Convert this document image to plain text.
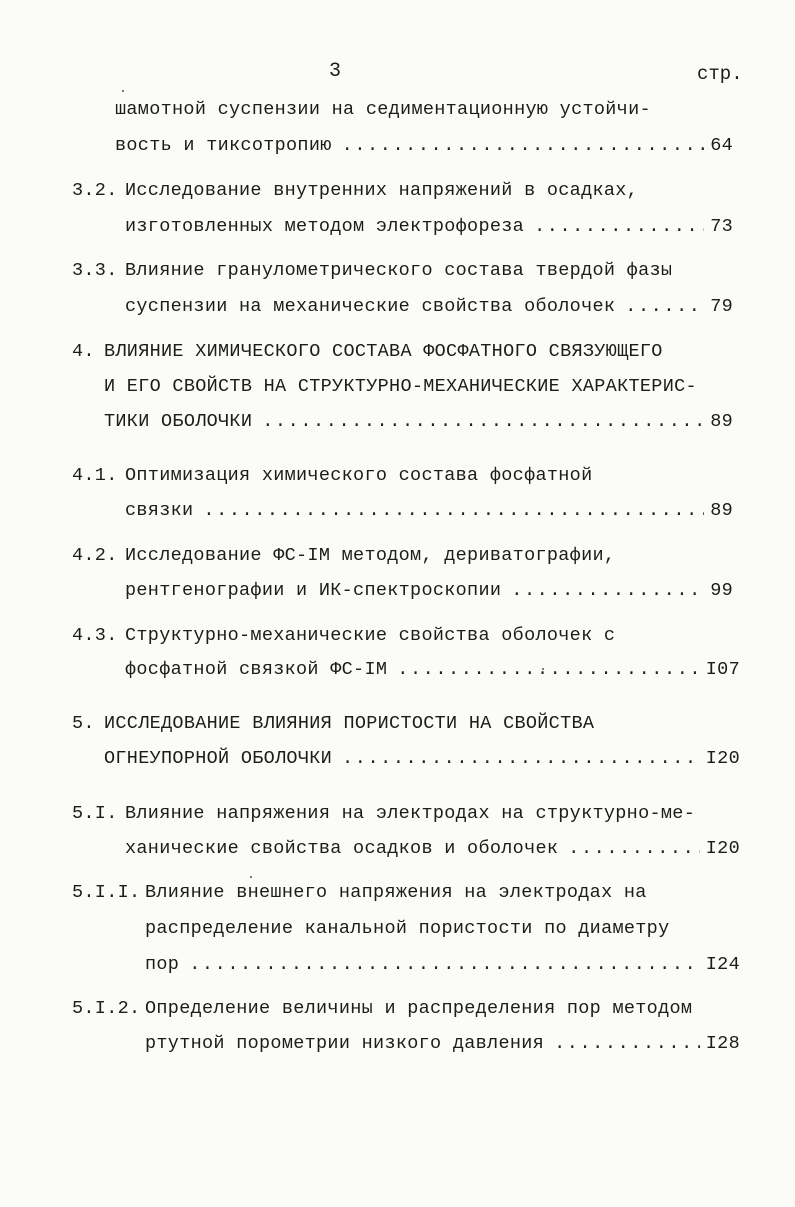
3	стр.
шамотной суспензии на седиментационную устойчи-
вость и тиксотропию .....	64
3.2. Исследование внутренних напряжений в осадках,
изготовленных методом электрофореза .....	73
3.3. Влияние гранулометрического состава твердой фазы
суспензии на механические свойства оболочек .....	79
4. ВЛИЯНИЕ ХИМИЧЕСКОГО СОСТАВА ФОСФАТНОГО СВЯЗУЮЩЕГО
И ЕГО СВОЙСТВ НА СТРУКТУРНО-МЕХАНИЧЕСКИЕ ХАРАКТЕРИС-
ТИКИ ОБОЛОЧКИ .....	89
4.1. Оптимизация химического состава фосфатной
связки .....	89
4.2. Исследование ФС-IМ методом, дериватографии,
рентгенографии и ИК-спектроскопии .....	99
4.3. Структурно-механические свойства оболочек с
фосфатной связкой ФС-IМ .....	I07
5. ИССЛЕДОВАНИЕ ВЛИЯНИЯ ПОРИСТОСТИ НА СВОЙСТВА
ОГНЕУПОРНОЙ ОБОЛОЧКИ .....	I20
5.I. Влияние напряжения на электродах на структурно-ме-
ханические свойства осадков и оболочек .....	I20
5.I.I. Влияние внешнего напряжения на электродах на
распределение канальной пористости по диаметру
пор .....	I24
5.I.2. Определение величины и распределения пор методом
ртутной порометрии низкого давления .....	I28
